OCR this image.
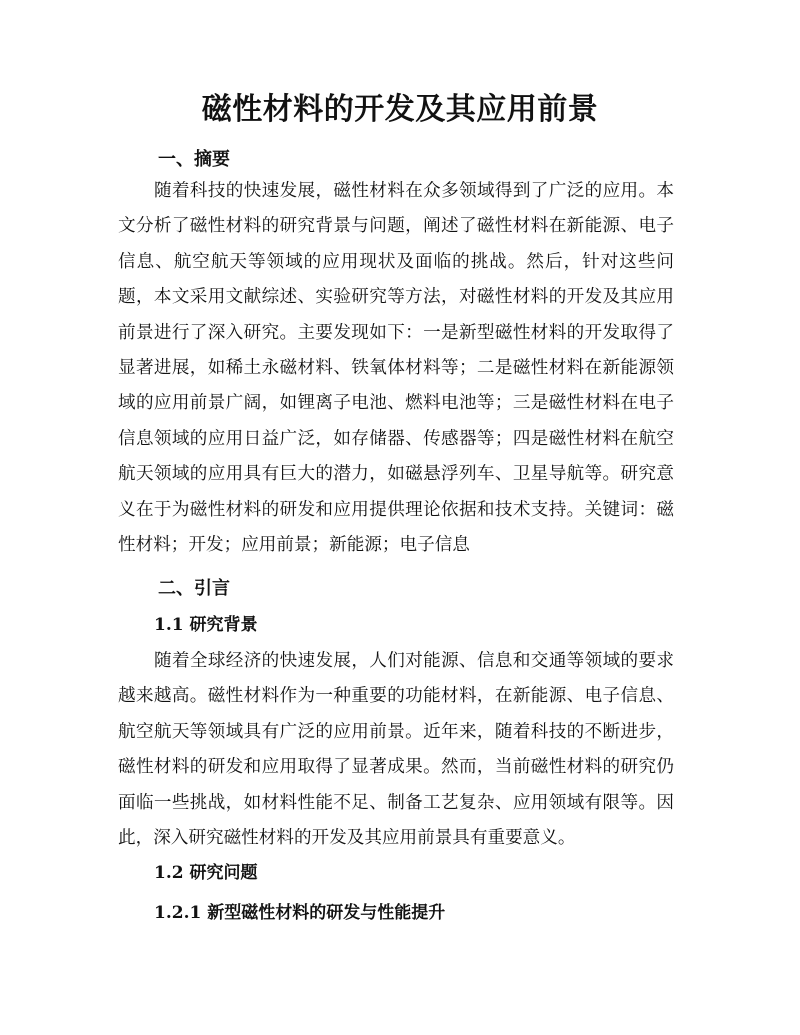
磁性材料的开发及其应用前景
一、摘要

随着科技的快速发展，磁性材料在众多领域得到了广泛的应用。本文分析了磁性材料的研究背景与问题，阐述了磁性材料在新能源、电子信息、航空航天等领域的应用现状及面临的挑战。然后，针对这些问题，本文采用文献综述、实验研究等方法，对磁性材料的开发及其应用前景进行了深入研究。主要发现如下：一是新型磁性材料的开发取得了显著进展，如稀土永磁材料、铁氧体材料等；二是磁性材料在新能源领域的应用前景广阔，如锂离子电池、燃料电池等；三是磁性材料在电子信息领域的应用日益广泛，如存储器、传感器等；四是磁性材料在航空航天领域的应用具有巨大的潜力，如磁悬浮列车、卫星导航等。研究意义在于为磁性材料的研发和应用提供理论依据和技术支持。关键词：磁性材料；开发；应用前景；新能源；电子信息

二、引言
1.1 研究背景

随着全球经济的快速发展，人们对能源、信息和交通等领域的要求越来越高。磁性材料作为一种重要的功能材料，在新能源、电子信息、航空航天等领域具有广泛的应用前景。近年来，随着科技的不断进步，磁性材料的研发和应用取得了显著成果。然而，当前磁性材料的研究仍面临一些挑战，如材料性能不足、制备工艺复杂、应用领域有限等。因此，深入研究磁性材料的开发及其应用前景具有重要意义。

1.2 研究问题
1.2.1 新型磁性材料的研发与性能提升
